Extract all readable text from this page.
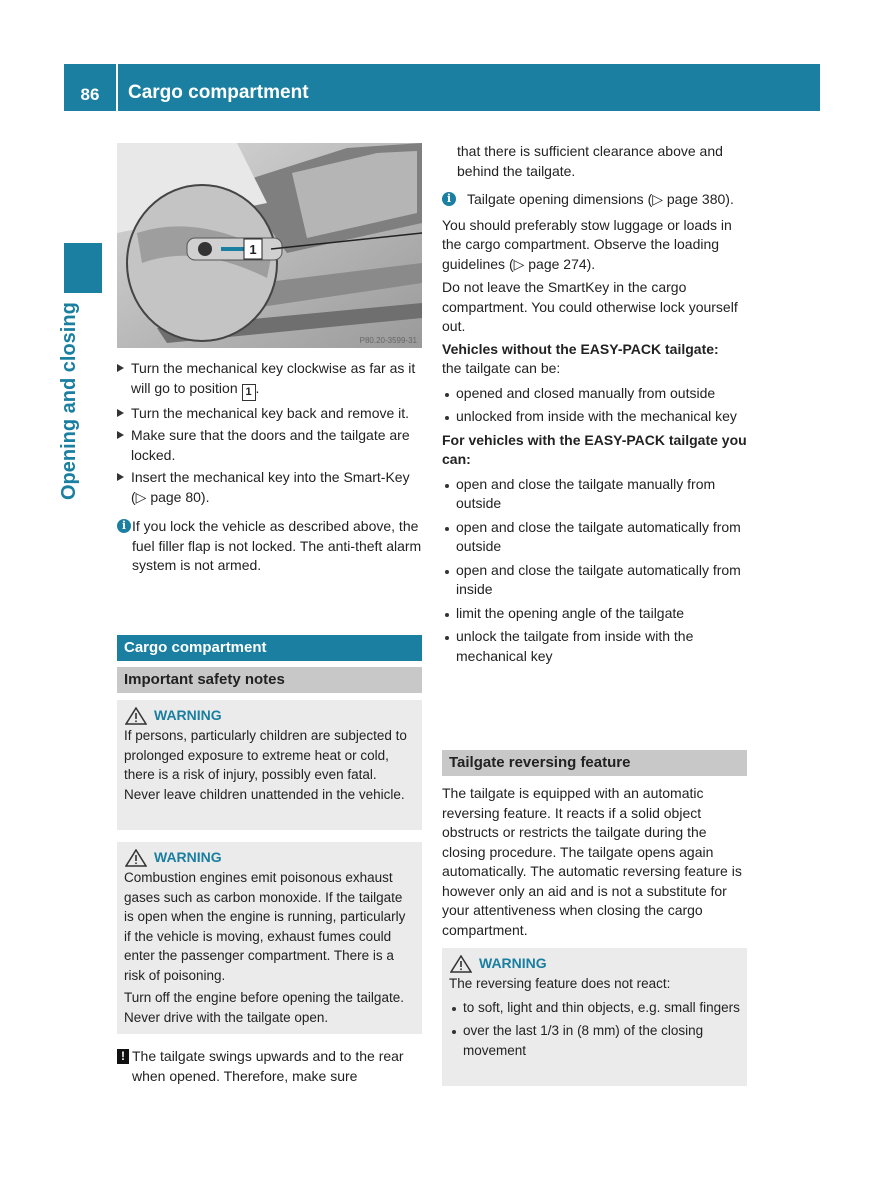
86	Cargo compartment
Opening and closing
1
P80.20-3599-31
Turn the mechanical key clockwise as far as it will go to position 1 .
Turn the mechanical key back and remove it.
Make sure that the doors and the tailgate are locked.
Insert the mechanical key into the Smart-Key (▷ page 80).
i If you lock the vehicle as described above, the fuel filler flap is not locked. The anti-theft alarm system is not armed.
Cargo compartment
Important safety notes
WARNING

If persons, particularly children are subjected to prolonged exposure to extreme heat or cold, there is a risk of injury, possibly even fatal. Never leave children unattended in the vehicle.

WARNING

Combustion engines emit poisonous exhaust gases such as carbon monoxide. If the tailgate is open when the engine is running, particularly if the vehicle is moving, exhaust fumes could enter the passenger compartment. There is a risk of poisoning.

Turn off the engine before opening the tailgate. Never drive with the tailgate open.

! The tailgate swings upwards and to the rear when opened. Therefore, make sure

that there is sufficient clearance above and behind the tailgate.

i	Tailgate opening dimensions (▷ page 380).

You should preferably stow luggage or loads in the cargo compartment. Observe the loading guidelines (▷ page 274).

Do not leave the SmartKey in the cargo compartment. You could otherwise lock yourself out.

Vehicles without the EASY-PACK tailgate:

the tailgate can be:

opened and closed manually from outside
unlocked from inside with the mechanical key

For vehicles with the EASY-PACK tailgate you can:

open and close the tailgate manually from outside
open and close the tailgate automatically from outside
open and close the tailgate automatically from inside
limit the opening angle of the tailgate
unlock the tailgate from inside with the mechanical key
Tailgate reversing feature

The tailgate is equipped with an automatic reversing feature. It reacts if a solid object obstructs or restricts the tailgate during the closing procedure. The tailgate opens again automatically. The automatic reversing feature is however only an aid and is not a substitute for your attentiveness when closing the cargo compartment.

WARNING

The reversing feature does not react:

to soft, light and thin objects, e.g. small fingers
over the last 1/3 in (8 mm) of the closing movement
